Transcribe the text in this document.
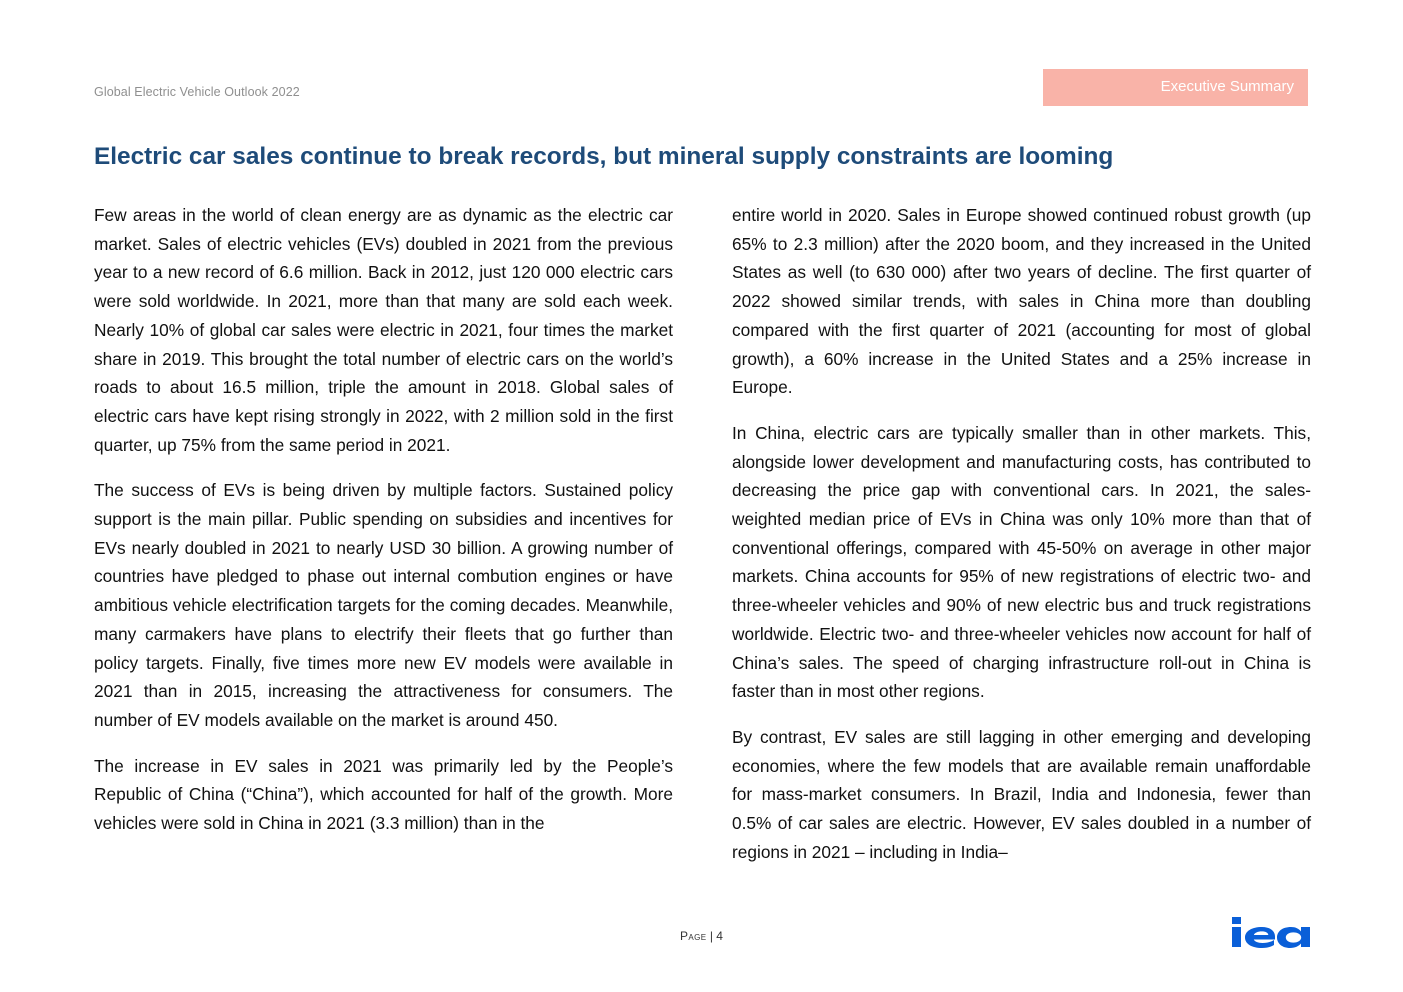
Global Electric Vehicle Outlook 2022	Executive Summary
Electric car sales continue to break records, but mineral supply constraints are looming

Few areas in the world of clean energy are as dynamic as the electric car market. Sales of electric vehicles (EVs) doubled in 2021 from the previous year to a new record of 6.6 million. Back in 2012, just 120 000 electric cars were sold worldwide. In 2021, more than that many are sold each week. Nearly 10% of global car sales were electric in 2021, four times the market share in 2019. This brought the total number of electric cars on the world’s roads to about 16.5 million, triple the amount in 2018. Global sales of electric cars have kept rising strongly in 2022, with 2 million sold in the first quarter, up 75% from the same period in 2021.

The success of EVs is being driven by multiple factors. Sustained policy support is the main pillar. Public spending on subsidies and incentives for EVs nearly doubled in 2021 to nearly USD 30 billion. A growing number of countries have pledged to phase out internal combution engines or have ambitious vehicle electrification targets for the coming decades. Meanwhile, many carmakers have plans to electrify their fleets that go further than policy targets. Finally, five times more new EV models were available in 2021 than in 2015, increasing the attractiveness for consumers. The number of EV models available on the market is around 450.

The increase in EV sales in 2021 was primarily led by the People’s Republic of China (“China”), which accounted for half of the growth. More vehicles were sold in China in 2021 (3.3 million) than in the

entire world in 2020. Sales in Europe showed continued robust growth (up 65% to 2.3 million) after the 2020 boom, and they increased in the United States as well (to 630 000) after two years of decline. The first quarter of 2022 showed similar trends, with sales in China more than doubling compared with the first quarter of 2021 (accounting for most of global growth), a 60% increase in the United States and a 25% increase in Europe.

In China, electric cars are typically smaller than in other markets. This, alongside lower development and manufacturing costs, has contributed to decreasing the price gap with conventional cars. In 2021, the sales-weighted median price of EVs in China was only 10% more than that of conventional offerings, compared with 45-50% on average in other major markets. China accounts for 95% of new registrations of electric two- and three-wheeler vehicles and 90% of new electric bus and truck registrations worldwide. Electric two- and three-wheeler vehicles now account for half of China’s sales. The speed of charging infrastructure roll-out in China is faster than in most other regions.

By contrast, EV sales are still lagging in other emerging and developing economies, where the few models that are available remain unaffordable for mass-market consumers. In Brazil, India and Indonesia, fewer than 0.5% of car sales are electric. However, EV sales doubled in a number of regions in 2021 – including in India–

Page | 4
